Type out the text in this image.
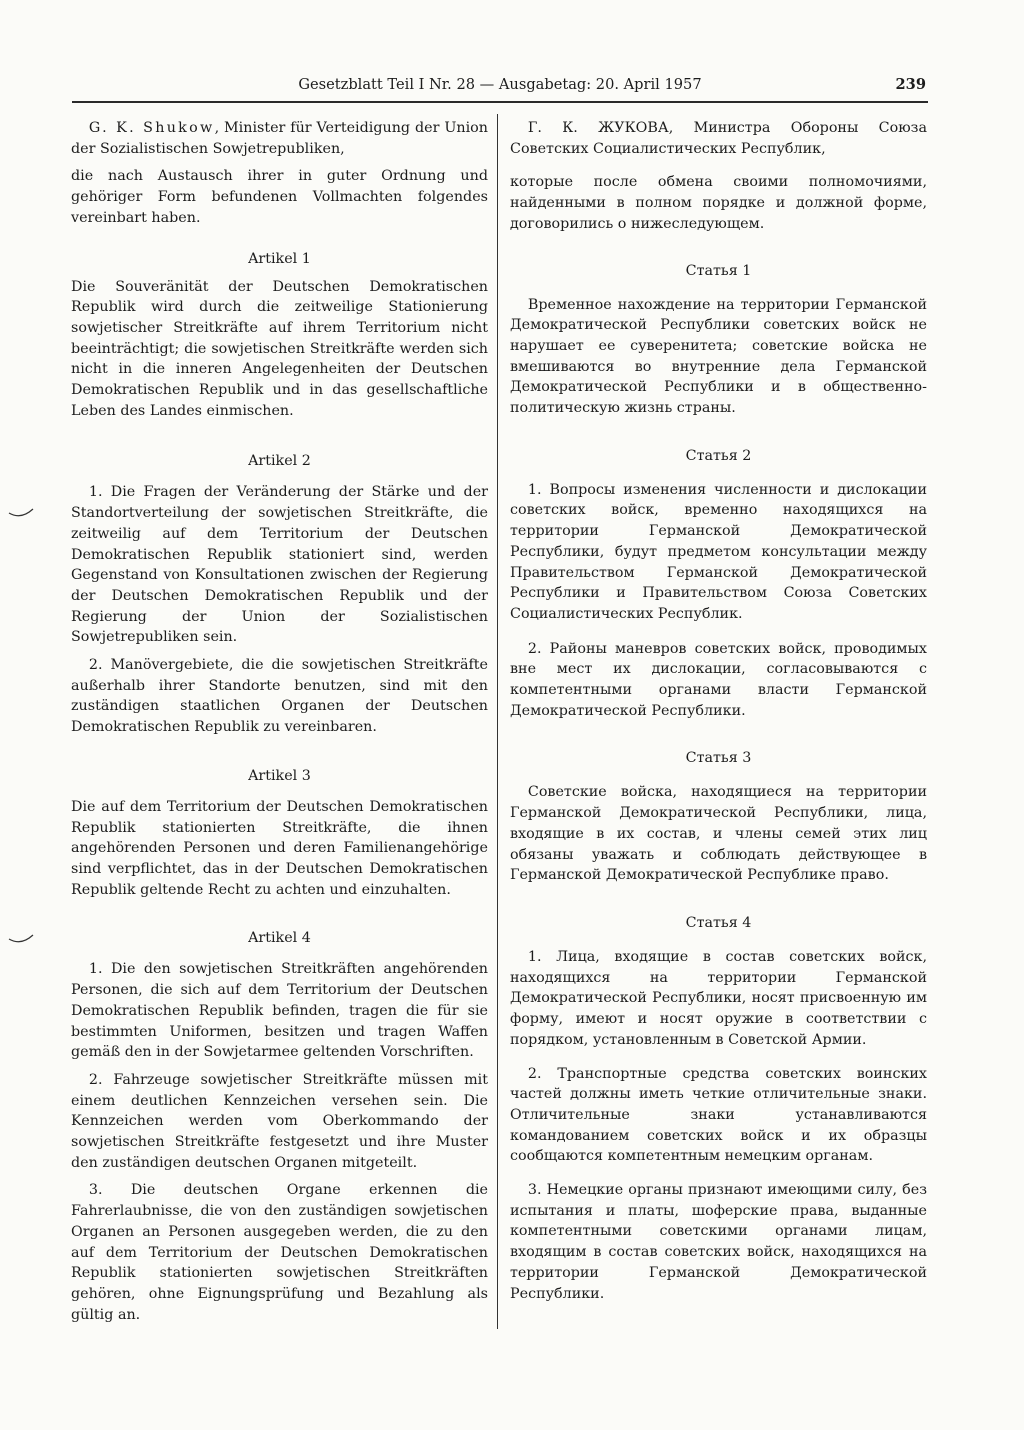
Gesetzblatt Teil I Nr. 28 — Ausgabetag: 20. April 1957	239

G. K. Shukow, Minister für Verteidigung der Union der Sozialistischen Sowjetrepubliken,

die nach Austausch ihrer in guter Ordnung und gehöriger Form befundenen Vollmachten folgendes vereinbart haben.

Artikel 1

Die Souveränität der Deutschen Demokratischen Republik wird durch die zeitweilige Stationierung sowjetischer Streitkräfte auf ihrem Territorium nicht beeinträchtigt; die sowjetischen Streitkräfte werden sich nicht in die inneren Angelegenheiten der Deutschen Demokratischen Republik und in das gesellschaftliche Leben des Landes einmischen.

Artikel 2

1. Die Fragen der Veränderung der Stärke und der Standortverteilung der sowjetischen Streitkräfte, die zeitweilig auf dem Territorium der Deutschen Demokratischen Republik stationiert sind, werden Gegenstand von Konsultationen zwischen der Regierung der Deutschen Demokratischen Republik und der Regierung der Union der Sozialistischen Sowjetrepubliken sein.

2. Manövergebiete, die die sowjetischen Streitkräfte außerhalb ihrer Standorte benutzen, sind mit den zuständigen staatlichen Organen der Deutschen Demokratischen Republik zu vereinbaren.

Artikel 3

Die auf dem Territorium der Deutschen Demokratischen Republik stationierten Streitkräfte, die ihnen angehörenden Personen und deren Familienangehörige sind verpflichtet, das in der Deutschen Demokratischen Republik geltende Recht zu achten und einzuhalten.

Artikel 4

1. Die den sowjetischen Streitkräften angehörenden Personen, die sich auf dem Territorium der Deutschen Demokratischen Republik befinden, tragen die für sie bestimmten Uniformen, besitzen und tragen Waffen gemäß den in der Sowjetarmee geltenden Vorschriften.

2. Fahrzeuge sowjetischer Streitkräfte müssen mit einem deutlichen Kennzeichen versehen sein. Die Kennzeichen werden vom Oberkommando der sowjetischen Streitkräfte festgesetzt und ihre Muster den zuständigen deutschen Organen mitgeteilt.

3. Die deutschen Organe erkennen die Fahrerlaubnisse, die von den zuständigen sowjetischen Organen an Personen ausgegeben werden, die zu den auf dem Territorium der Deutschen Demokratischen Republik stationierten sowjetischen Streitkräften gehören, ohne Eignungsprüfung und Bezahlung als gültig an.

Г. К. ЖУКОВА, Министра Обороны Союза Советских Социалистических Республик,

которые после обмена своими полномочиями, найденными в полном порядке и должной форме, договорились о нижеследующем.

Статья 1

Временное нахождение на территории Германской Демократической Республики советских войск не нарушает ее суверенитета; советские войска не вмешиваются во внутренние дела Германской Демократической Республики и в общественно-политическую жизнь страны.

Статья 2

1. Вопросы изменения численности и дислокации советских войск, временно находящихся на территории Германской Демократической Республики, будут предметом консультации между Правительством Германской Демократической Республики и Правительством Союза Советских Социалистических Республик.

2. Районы маневров советских войск, проводимых вне мест их дислокации, согласовываются с компетентными органами власти Германской Демократической Республики.

Статья 3

Советские войска, находящиеся на территории Германской Демократической Республики, лица, входящие в их состав, и члены семей этих лиц обязаны уважать и соблюдать действующее в Германской Демократической Республике право.

Статья 4

1. Лица, входящие в состав советских войск, находящихся на территории Германской Демократической Республики, носят присвоенную им форму, имеют и носят оружие в соответствии с порядком, установленным в Советской Армии.

2. Транспортные средства советских воинских частей должны иметь четкие отличительные знаки. Отличительные знаки устанавливаются командованием советских войск и их образцы сообщаются компетентным немецким органам.

3. Немецкие органы признают имеющими силу, без испытания и платы, шоферские права, выданные компетентными советскими органами лицам, входящим в состав советских войск, находящихся на территории Германской Демократической Республики.
